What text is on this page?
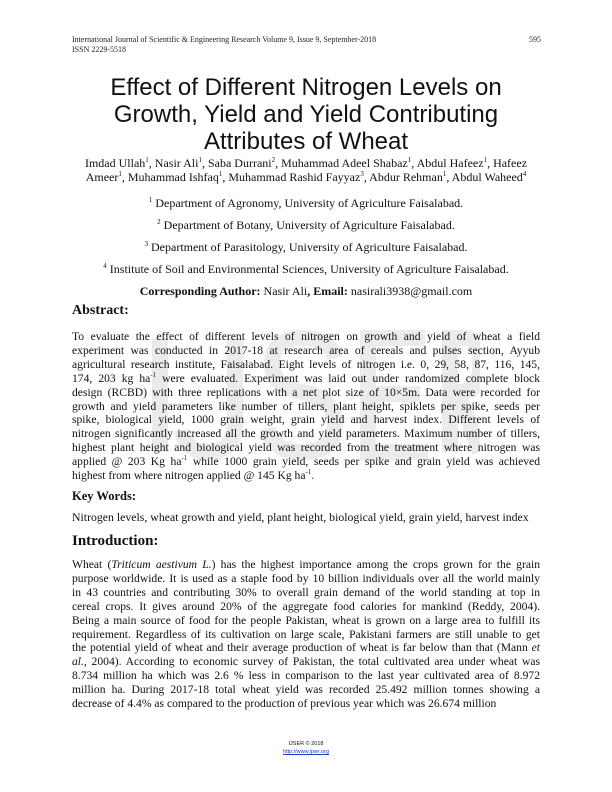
International Journal of Scientific & Engineering Research Volume 9, Issue 9, September-2018
ISSN 2229-5518
595
Effect of Different Nitrogen Levels on
Growth, Yield and Yield Contributing
Attributes of Wheat
Imdad Ullah$^1$, Nasir Ali$^1$, Saba Durrani$^2$, Muhammad Adeel Shabaz$^1$, Abdul Hafeez$^1$, Hafeez
Ameer$^1$, Muhammad Ishfaq$^1$, Muhammad Rashid Fayyaz$^3$, Abdur Rehman$^1$, Abdul Waheed$^4$
$^1$ Department of Agronomy, University of Agriculture Faisalabad.
$^2$ Department of Botany, University of Agriculture Faisalabad.
$^3$ Department of Parasitology, University of Agriculture Faisalabad.
$^4$ Institute of Soil and Environmental Sciences, University of Agriculture Faisalabad.
Corresponding Author: Nasir Ali, Email: nasirali3938@gmail.com
Abstract:
To evaluate the effect of different levels of nitrogen on growth and yield of wheat a field
experiment was conducted in 2017-18 at research area of cereals and pulses section, Ayyub
agricultural research institute, Faisalabad. Eight levels of nitrogen i.e. 0, 29, 58, 87, 116, 145,
174, 203 kg $ha^{-1}$ were evaluated. Experiment was laid out under randomized complete block
design (RCBD) with three replications with a net plot size of 10×5m. Data were recorded for
growth and yield parameters like number of tillers, plant height, spiklets per spike, seeds per
spike, biological yield, 1000 grain weight, grain yield and harvest index. Different levels of
nitrogen significantly increased all the growth and yield parameters. Maximum number of tillers,
highest plant height and biological yield was recorded from the treatment where nitrogen was
applied @ 203 Kg $ha^{-1}$ while 1000 grain yield, seeds per spike and grain yield was achieved
highest from where nitrogen applied @ 145 Kg $ha^{-1}$.
Key Words:
Nitrogen levels, wheat growth and yield, plant height, biological yield, grain yield, harvest index
Introduction:
Wheat (Triticum aestivum L.) has the highest importance among the crops grown for the grain
purpose worldwide. It is used as a staple food by 10 billion individuals over all the world mainly
in 43 countries and contributing 30% to overall grain demand of the world standing at top in
cereal crops. It gives around 20% of the aggregate food calories for mankind (Reddy, 2004).
Being a main source of food for the people Pakistan, wheat is grown on a large area to fulfill its
requirement. Regardless of its cultivation on large scale, Pakistani farmers are still unable to get
the potential yield of wheat and their average production of wheat is far below than that (Mann et
al., 2004). According to economic survey of Pakistan, the total cultivated area under wheat was
8.734 million ha which was 2.6 % less in comparison to the last year cultivated area of 8.972
million ha. During 2017-18 total wheat yield was recorded 25.492 million tonnes showing a
decrease of 4.4% as compared to the production of previous year which was 26.674 million
IJSER © 2018
http://www.ijser.org
